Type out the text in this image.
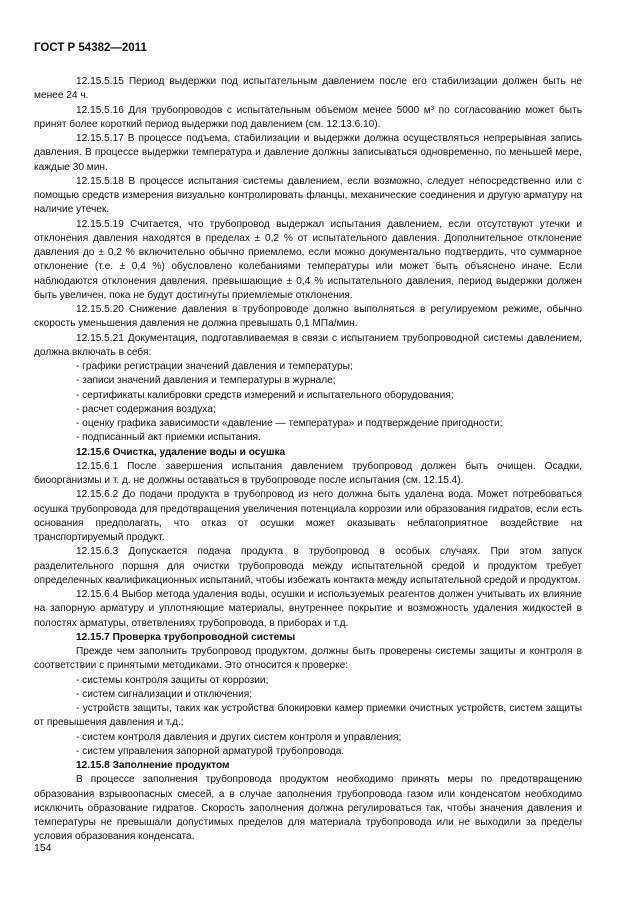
ГОСТ Р 54382—2011

12.15.5.15 Период выдержки под испытательным давлением после его стабилизации должен быть не менее 24 ч.

12.15.5.16 Для трубопроводов с испытательным объемом менее 5000 м³ по согласованию может быть принят более короткий период выдержки под давлением (см. 12.13.6.10).

12.15.5.17 В процессе подъема, стабилизации и выдержки должна осуществляться непрерывная запись давления. В процессе выдержки температура и давление должны записываться одновременно, по меньшей мере, каждые 30 мин.

12.15.5.18 В процессе испытания системы давлением, если возможно, следует непосредственно или с помощью средств измерения визуально контролировать фланцы, механические соединения и другую арматуру на наличие утечек.

12.15.5.19 Считается, что трубопровод выдержал испытания давлением, если отсутствуют утечки и отклонения давления находятся в пределах ± 0,2 % от испытательного давления. Дополнительное отклонение давления до ± 0,2 % включительно обычно приемлемо, если можно документально подтвердить, что суммарное отклонение (т.е. ± 0,4 %) обусловлено колебаниями температуры или может быть объяснено иначе. Если наблюдаются отклонения давления. превышающие ± 0,4 % испытательного давления, период выдержки должен быть увеличен, пока не будут достигнуты приемлемые отклонения.

12.15.5.20 Снижение давления в трубопроводе должно выполняться в регулируемом режиме, обычно скорость уменьшения давления не должна превышать 0,1 МПа/мин.

12.15.5.21 Документация, подготавливаемая в связи с испытанием трубопроводной системы давлением, должна включать в себя:

- графики регистрации значений давления и температуры;

- записи значений давления и температуры в журнале;

- сертификаты калибровки средств измерений и испытательного оборудования;

- расчет содержания воздуха;

- оценку графика зависимости «давление — температура» и подтверждение пригодности;

- подписанный акт приемки испытания.

12.15.6 Очистка, удаление воды и осушка

12.15.6.1 После завершения испытания давлением трубопровод должен быть очищен. Осадки, биоорганизмы и т. д. не должны оставаться в трубопроводе после испытания (см. 12.15.4).

12.15.6.2 До подачи продукта в трубопровод из него должна быть удалена вода. Может потребоваться осушка трубопровода для предотвращения увеличения потенциала коррозии или образования гидратов, если есть основания предполагать, что отказ от осушки может оказывать неблагоприятное воздействие на транспортируемый продукт.

12.15.6.3 Допускается подача продукта в трубопровод в особых случаях. При этом запуск разделительного поршня для очистки трубопровода между испытательной средой и продуктом требует определенных квалификационных испытаний, чтобы избежать контакта между испытательной средой и продуктом.

12.15.6.4 Выбор метода удаления воды, осушки и используемых реагентов должен учитывать их влияние на запорную арматуру и уплотняющие материалы, внутреннее покрытие и возможность удаления жидкостей в полостях арматуры, ответвлениях трубопровода, в приборах и т.д.

12.15.7 Проверка трубопроводной системы

Прежде чем заполнить трубопровод продуктом, должны быть проверены системы защиты и контроля в соответствии с принятыми методиками. Это относится к проверке:

- системы контроля защиты от коррозии;

- систем сигнализации и отключения;

- устройств защиты, таких как устройства блокировки камер приемки очистных устройств, систем защиты от превышения давления и т.д.;

- систем контроля давления и других систем контроля и управления;

- систем управления запорной арматурой трубопровода.

12.15.8 Заполнение продуктом

В процессе заполнения трубопровода продуктом необходимо принять меры по предотвращению образования взрывоопасных смесей, а в случае заполнения трубопровода газом или конденсатом необходимо исключить образование гидратов. Скорость заполнения должна регулироваться так, чтобы значения давления и температуры не превышали допустимых пределов для материала трубопровода или не выходили за пределы условия образования конденсата.

154
